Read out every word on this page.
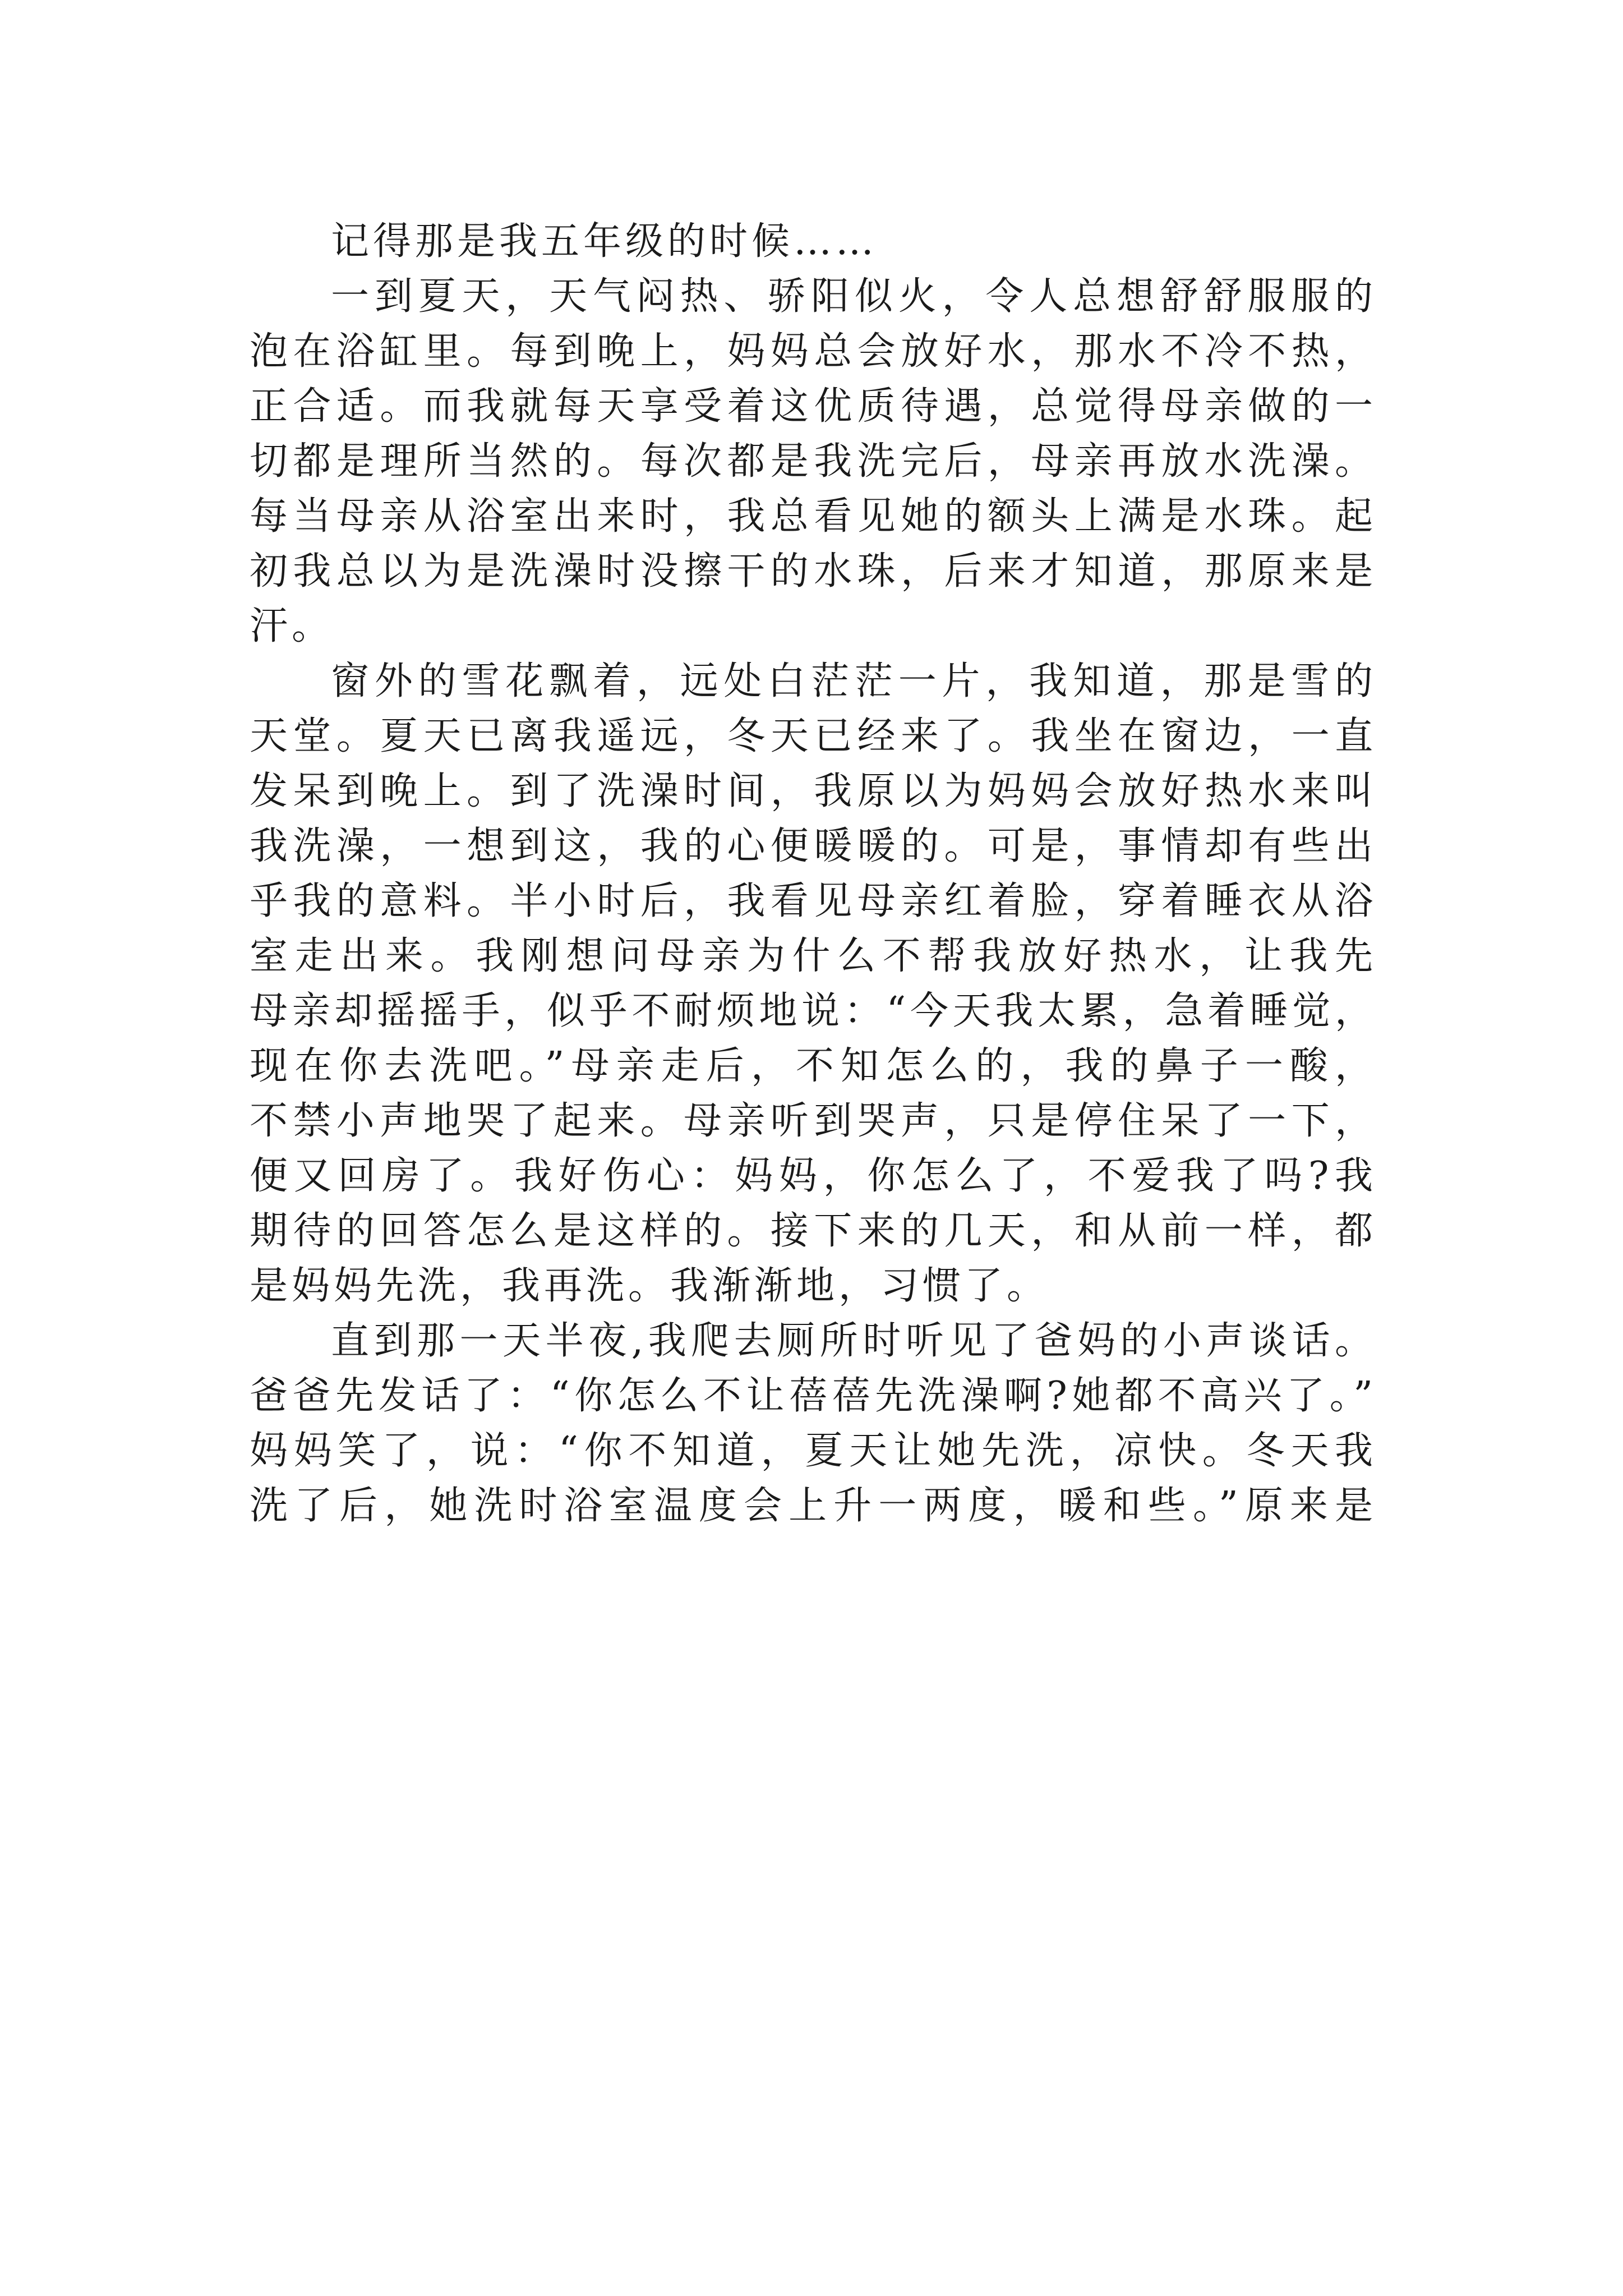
记得那是我五年级的时候……
一到夏天，天气闷热、骄阳似火，令人总想舒舒服服的
泡在浴缸里。每到晚上，妈妈总会放好水，那水不冷不热，
正合适。而我就每天享受着这优质待遇，总觉得母亲做的一
切都是理所当然的。每次都是我洗完后，母亲再放水洗澡。
每当母亲从浴室出来时，我总看见她的额头上满是水珠。起
初我总以为是洗澡时没擦干的水珠，后来才知道，那原来是
汗。
窗外的雪花飘着，远处白茫茫一片，我知道，那是雪的
天堂。夏天已离我遥远，冬天已经来了。我坐在窗边，一直
发呆到晚上。到了洗澡时间，我原以为妈妈会放好热水来叫
我洗澡，一想到这，我的心便暖暖的。可是，事情却有些出
乎我的意料。半小时后，我看见母亲红着脸，穿着睡衣从浴
室走出来。我刚想问母亲为什么不帮我放好热水，让我先
母亲却摇摇手，似乎不耐烦地说：“今天我太累，急着睡觉，
现在你去洗吧。”母亲走后，不知怎么的，我的鼻子一酸，
不禁小声地哭了起来。母亲听到哭声，只是停住呆了一下，
便又回房了。我好伤心：妈妈，你怎么了，不爱我了吗?我
期待的回答怎么是这样的。接下来的几天，和从前一样，都
是妈妈先洗，我再洗。我渐渐地，习惯了。
直到那一天半夜,我爬去厕所时听见了爸妈的小声谈话。
爸爸先发话了：“你怎么不让蓓蓓先洗澡啊?她都不高兴了。”
妈妈笑了，说：“你不知道，夏天让她先洗，凉快。冬天我
洗了后，她洗时浴室温度会上升一两度，暖和些。”原来是
